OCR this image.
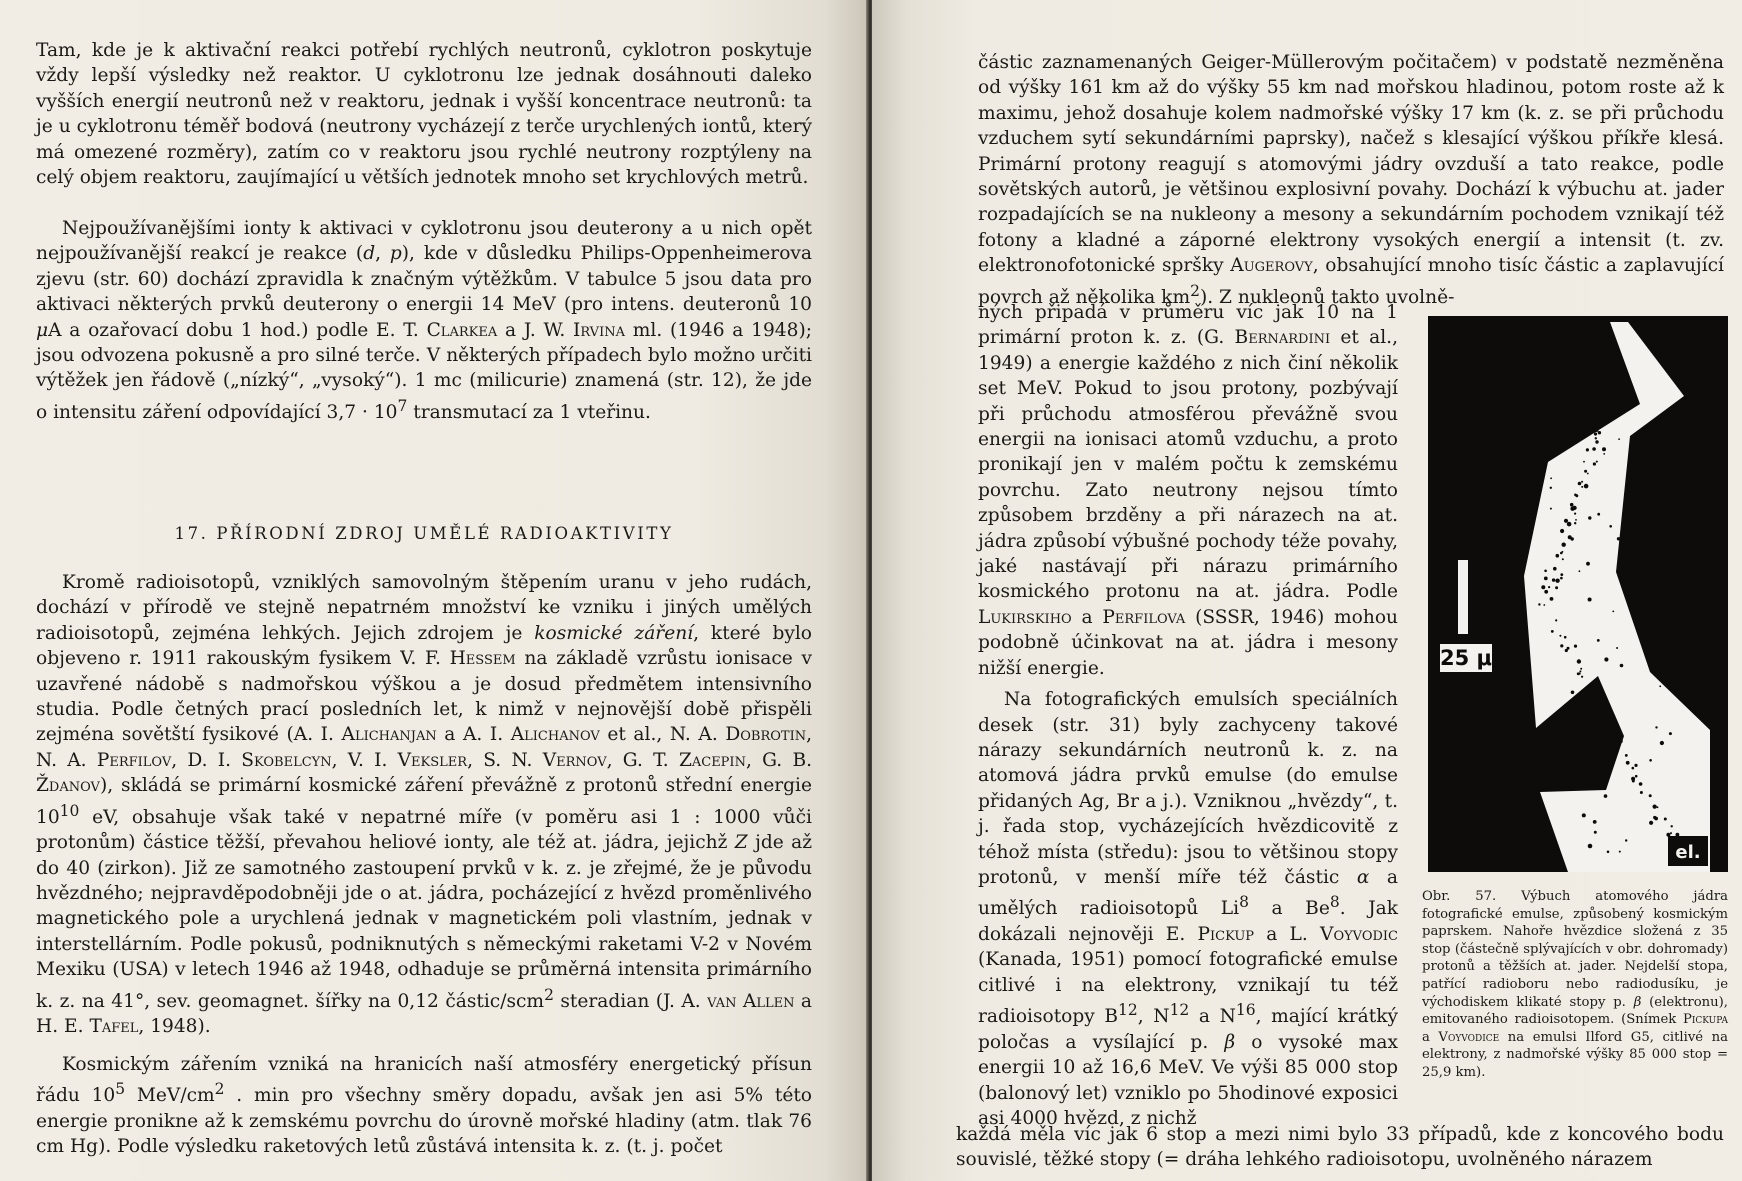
Tam, kde je k aktivační reakci potřebí rychlých neutronů, cyklotron poskytuje vždy lepší výsledky než reaktor. U cyklotronu lze jednak dosáhnouti daleko vyšších energií neutronů než v reaktoru, jednak i vyšší koncentrace neutronů: ta je u cyklotronu téměř bodová (neutrony vycházejí z terče urychlených iontů, který má omezené rozměry), zatím co v reaktoru jsou rychlé neutrony rozptýleny na celý objem reaktoru, zaujímající u větších jednotek mnoho set krychlových metrů.

Nejpoužívanějšími ionty k aktivaci v cyklotronu jsou deuterony a u nich opět nejpoužívanější reakcí je reakce (d, p), kde v důsledku Philips-Oppenheimerova zjevu (str. 60) dochází zpravidla k značným výtěžkům. V tabulce 5 jsou data pro aktivaci některých prvků deuterony o energii 14 MeV (pro intens. deuteronů 10 μA a ozařovací dobu 1 hod.) podle E. T. Clarkea a J. W. Irvina ml. (1946 a 1948); jsou odvozena pokusně a pro silné terče. V některých případech bylo možno určiti výtěžek jen řádově („nízký“, „vysoký“). 1 mc (milicurie) znamená (str. 12), že jde o intensitu záření odpovídající $3,7 \cdot 10^7$ transmutací za 1 vteřinu.

17. PŘÍRODNÍ ZDROJ UMĚLÉ RADIOAKTIVITY

Kromě radioisotopů, vzniklých samovolným štěpením uranu v jeho rudách, dochází v přírodě ve stejně nepatrném množství ke vzniku i jiných umělých radioisotopů, zejména lehkých. Jejich zdrojem je kosmické záření, které bylo objeveno r. 1911 rakouským fysikem V. F. Hessem na základě vzrůstu ionisace v uzavřené nádobě s nadmořskou výškou a je dosud předmětem intensivního studia. Podle četných prací posledních let, k nimž v nejnovější době přispěli zejména sovětští fysikové (A. I. Alichanjan a A. I. Alichanov et al., N. A. Dobrotin, N. A. Perfilov, D. I. Skobelcyn, V. I. Veksler, S. N. Vernov, G. T. Zacepin, G. B. Ždanov), skládá se primární kosmické záření převážně z protonů střední energie $10^{10}$ eV, obsahuje však také v nepatrné míře (v poměru asi 1 : 1000 vůči protonům) částice těžší, převahou heliové ionty, ale též at. jádra, jejichž Z jde až do 40 (zirkon). Již ze samotného zastoupení prvků v k. z. je zřejmé, že je původu hvězdného; nejpravděpodobněji jde o at. jádra, pocházející z hvězd proměnlivého magnetického pole a urychlená jednak v magnetickém poli vlastním, jednak v interstellárním. Podle pokusů, podniknutých s německými raketami V-2 v Novém Mexiku (USA) v letech 1946 až 1948, odhaduje se průměrná intensita primárního k. z. na 41°, sev. geomagnet. šířky na 0,12 částic/scm$^2$ steradian (J. A. van Allen a H. E. Tafel, 1948).

Kosmickým zářením vzniká na hranicích naší atmosféry energetický přísun řádu $10^5$ MeV/$cm^2$ . min pro všechny směry dopadu, avšak jen asi 5% této energie pronikne až k zemskému povrchu do úrovně mořské hladiny (atm. tlak 76 cm Hg). Podle výsledku raketových letů zůstává intensita k. z. (t. j. počet

částic zaznamenaných Geiger-Müllerovým počitačem) v podstatě nezměněna od výšky 161 km až do výšky 55 km nad mořskou hladinou, potom roste až k maximu, jehož dosahuje kolem nadmořské výšky 17 km (k. z. se při průchodu vzduchem sytí sekundárními paprsky), načež s klesající výškou příkře klesá. Primární protony reagují s atomovými jádry ovzduší a tato reakce, podle sovětských autorů, je většinou explosivní povahy. Dochází k výbuchu at. jader rozpadajících se na nukleony a mesony a sekundárním pochodem vznikají též fotony a kladné a záporné elektrony vysokých energií a intensit (t. zv. elektronofotonické spršky Augerovy, obsahující mnoho tisíc částic a zaplavující povrch až několika $km^2$). Z nukleonů takto uvolně-

ných připadá v průměru víc jak 10 na 1 primární proton k. z. (G. Bernardini et al., 1949) a energie každého z nich činí několik set MeV. Pokud to jsou protony, pozbývají při průchodu atmosférou převážně svou energii na ionisaci atomů vzduchu, a proto pronikají jen v malém počtu k zemskému povrchu. Zato neutrony nejsou tímto způsobem brzděny a při nárazech na at. jádra způsobí výbušné pochody téže povahy, jaké nastávají při nárazu primárního kosmického protonu na at. jádra. Podle Lukirskiho a Perfilova (SSSR, 1946) mohou podobně účinkovat na at. jádra i mesony nižší energie.

Na fotografických emulsích speciálních desek (str. 31) byly zachyceny takové nárazy sekundárních neutronů k. z. na atomová jádra prvků emulse (do emulse přidaných Ag, Br a j.). Vzniknou „hvězdy“, t. j. řada stop, vycházejících hvězdicovitě z téhož místa (středu): jsou to většinou stopy protonů, v menší míře též částic α a umělých radioisotopů Li$^8$ a Be$^8$. Jak dokázali nejnověji E. Pickup a L. Voyvodic (Kanada, 1951) pomocí fotografické emulse citlivé i na elektrony, vznikají tu též radioisotopy $B^{12}$, $N^{12}$ a $N^{16}$, mající krátký poločas a vysílající p. β o vysoké max energii 10 až 16,6 MeV. Ve výši 85 000 stop (balonový let) vzniklo po 5hodinové exposici asi 4000 hvězd, z nichž

25 μ
el.

Obr. 57. Výbuch atomového jádra fotografické emulse, způsobený kosmickým paprskem. Nahoře hvězdice složená z 35 stop (částečně splývajících v obr. dohromady) protonů a těžších at. jader. Nejdelší stopa, patřící radioboru nebo radiodusíku, je východiskem klikaté stopy p. β (elektronu), emitovaného radioisotopem. (Snímek Pickupa a Voyvodice na emulsi Ilford G5, citlivé na elektrony, z nadmořské výšky 85 000 stop = 25,9 km).

každá měla víc jak 6 stop a mezi nimi bylo 33 případů, kde z koncového bodu souvislé, těžké stopy (= dráha lehkého radioisotopu, uvolněného nárazem
